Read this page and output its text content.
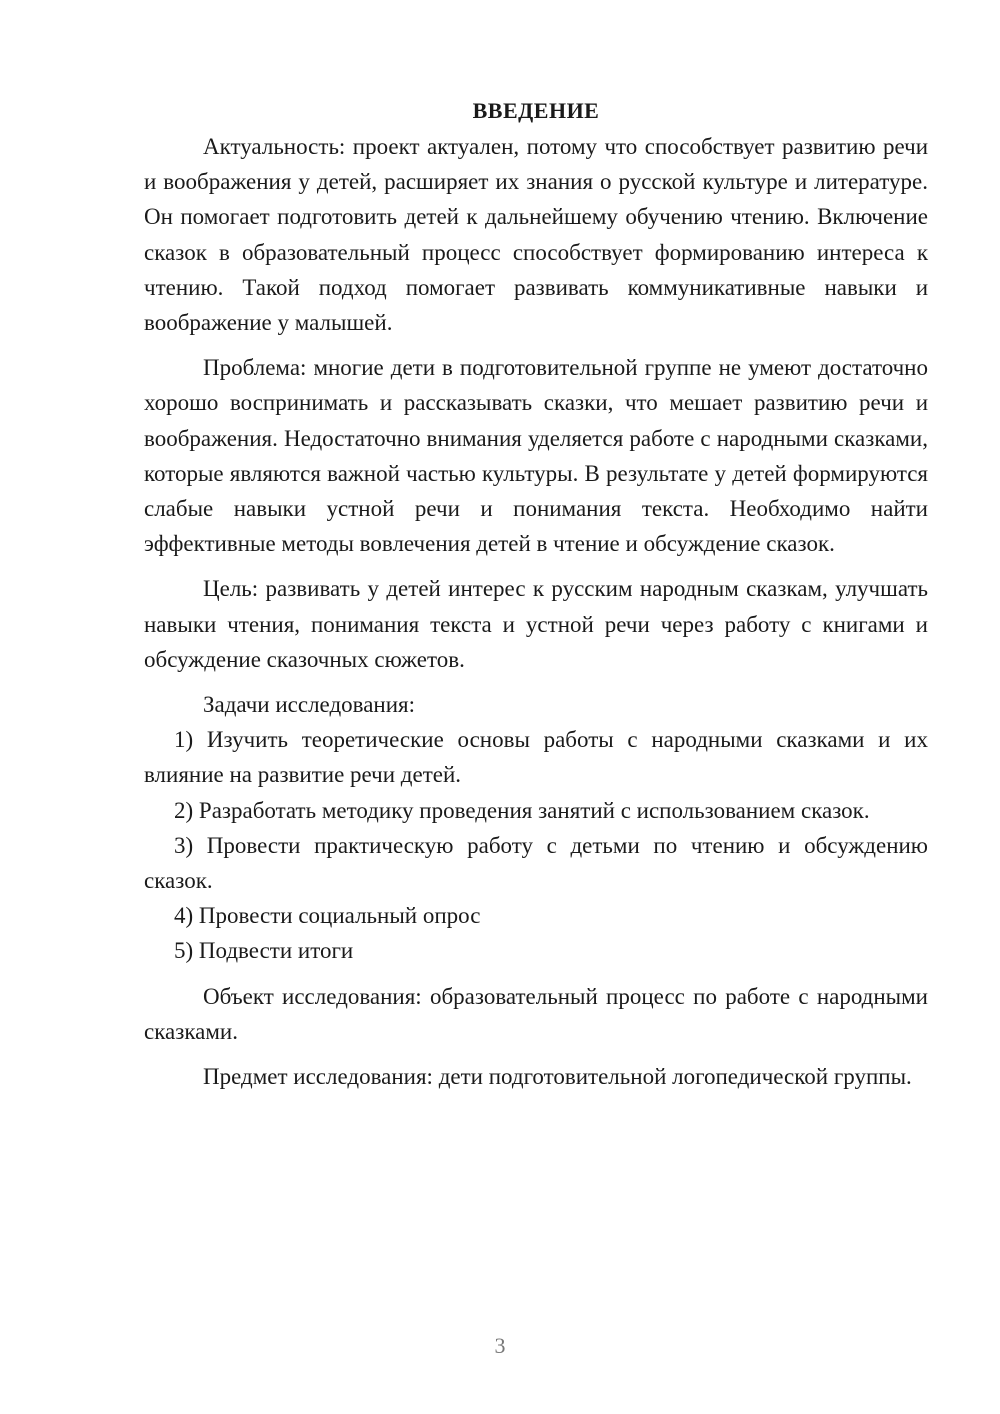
ВВЕДЕНИЕ

Актуальность: проект актуален, потому что способствует развитию речи и воображения у детей, расширяет их знания о русской культуре и литературе. Он помогает подготовить детей к дальнейшему обучению чтению. Включение сказок в образовательный процесс способствует формированию интереса к чтению. Такой подход помогает развивать коммуникативные навыки и воображение у малышей.

Проблема: многие дети в подготовительной группе не умеют достаточно хорошо воспринимать и рассказывать сказки, что мешает развитию речи и воображения. Недостаточно внимания уделяется работе с народными сказками, которые являются важной частью культуры. В результате у детей формируются слабые навыки устной речи и понимания текста. Необходимо найти эффективные методы вовлечения детей в чтение и обсуждение сказок.

Цель: развивать у детей интерес к русским народным сказкам, улучшать навыки чтения, понимания текста и устной речи через работу с книгами и обсуждение сказочных сюжетов.

Задачи исследования:

1) Изучить теоретические основы работы с народными сказками и их влияние на развитие речи детей.

2) Разработать методику проведения занятий с использованием сказок.

3) Провести практическую работу с детьми по чтению и обсуждению сказок.

4) Провести социальный опрос

5) Подвести итоги

Объект исследования: образовательный процесс по работе с народными сказками.

Предмет исследования: дети подготовительной логопедической группы.

3
